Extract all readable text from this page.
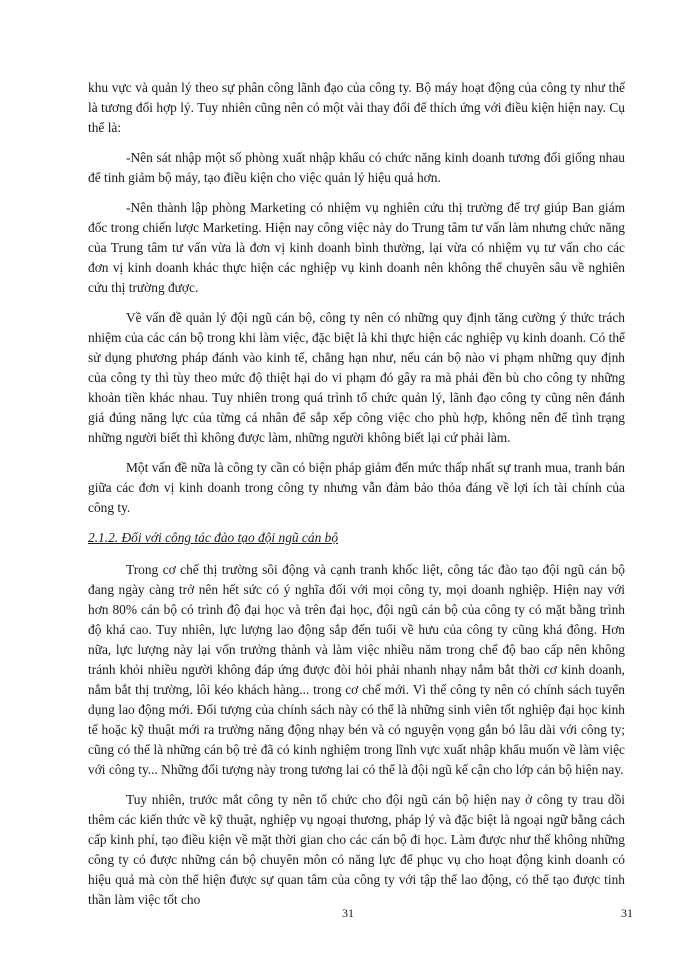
khu vực và quản lý theo sự phân công lãnh đạo của công ty. Bộ máy hoạt động của công ty như thế là tương đối hợp lý. Tuy nhiên cũng nên có một vài thay đổi để thích ứng với điều kiện hiện nay. Cụ thể là:

-Nên sát nhập một số phòng xuất nhập khẩu có chức năng kinh doanh tương đối giống nhau để tinh giảm bộ máy, tạo điều kiện cho việc quản lý hiệu quả hơn.

-Nên thành lập phòng Marketing có nhiệm vụ nghiên cứu thị trường để trợ giúp Ban giám đốc trong chiến lược Marketing. Hiện nay công việc này do Trung tâm tư vấn làm nhưng chức năng của Trung tâm tư vấn vừa là đơn vị kinh doanh bình thường, lại vừa có nhiệm vụ tư vấn cho các đơn vị kinh doanh khác thực hiện các nghiệp vụ kinh doanh nên không thể chuyên sâu về nghiên cứu thị trường được.

Về vấn đề quản lý đội ngũ cán bộ, công ty nên có những quy định tăng cường ý thức trách nhiệm của các cán bộ trong khi làm việc, đặc biệt là khi thực hiện các nghiệp vụ kinh doanh. Có thể sử dụng phương pháp đánh vào kinh tế, chẳng hạn như, nếu cán bộ nào vi phạm những quy định của công ty thì tùy theo mức độ thiệt hại do vi phạm đó gây ra mà phải đền bù cho công ty những khoản tiền khác nhau. Tuy nhiên trong quá trình tổ chức quản lý, lãnh đạo công ty cũng nên đánh giá đúng năng lực của từng cá nhân để sắp xếp công việc cho phù hợp, không nên để tình trạng những người biết thì không được làm, những người không biết lại cứ phải làm.

Một vấn đề nữa là công ty cần có biện pháp giảm đến mức thấp nhất sự tranh mua, tranh bán giữa các đơn vị kinh doanh trong công ty nhưng vẫn đảm bảo thỏa đáng về lợi ích tài chính của công ty.

2.1.2. Đối với công tác đào tạo đội ngũ cán bộ

Trong cơ chế thị trường sôi động và cạnh tranh khốc liệt, công tác đào tạo đội ngũ cán bộ đang ngày càng trở nên hết sức có ý nghĩa đối với mọi công ty, mọi doanh nghiệp. Hiện nay với hơn 80% cán bộ có trình độ đại học và trên đại học, đội ngũ cán bộ của công ty có mặt bằng trình độ khá cao. Tuy nhiên, lực lượng lao động sắp đến tuổi về hưu của công ty cũng khá đông. Hơn nữa, lực lượng này lại vốn trưởng thành và làm việc nhiều năm trong chế độ bao cấp nên không tránh khỏi nhiều người không đáp ứng được đòi hỏi phải nhanh nhạy nắm bắt thời cơ kinh doanh, nắm bắt thị trường, lôi kéo khách hàng... trong cơ chế mới. Vì thế công ty nên có chính sách tuyển dụng lao động mới. Đối tượng của chính sách này có thể là những sinh viên tốt nghiệp đại học kinh tế hoặc kỹ thuật mới ra trường năng động nhạy bén và có nguyện vọng gắn bó lâu dài với công ty; cũng có thể là những cán bộ trẻ đã có kinh nghiệm trong lĩnh vực xuất nhập khẩu muốn về làm việc với công ty... Những đối tượng này trong tương lai có thể là đội ngũ kế cận cho lớp cán bộ hiện nay.

Tuy nhiên, trước mắt công ty nên tổ chức cho đội ngũ cán bộ hiện nay ở công ty trau dồi thêm các kiến thức về kỹ thuật, nghiệp vụ ngoại thương, pháp lý và đặc biệt là ngoại ngữ bằng cách cấp kinh phí, tạo điều kiện về mặt thời gian cho các cán bộ đi học. Làm được như thế không những công ty có được những cán bộ chuyên môn có năng lực để phục vụ cho hoạt động kinh doanh có hiệu quả mà còn thể hiện được sự quan tâm của công ty với tập thể lao động, có thể tạo được tinh thần làm việc tốt cho

31	31
